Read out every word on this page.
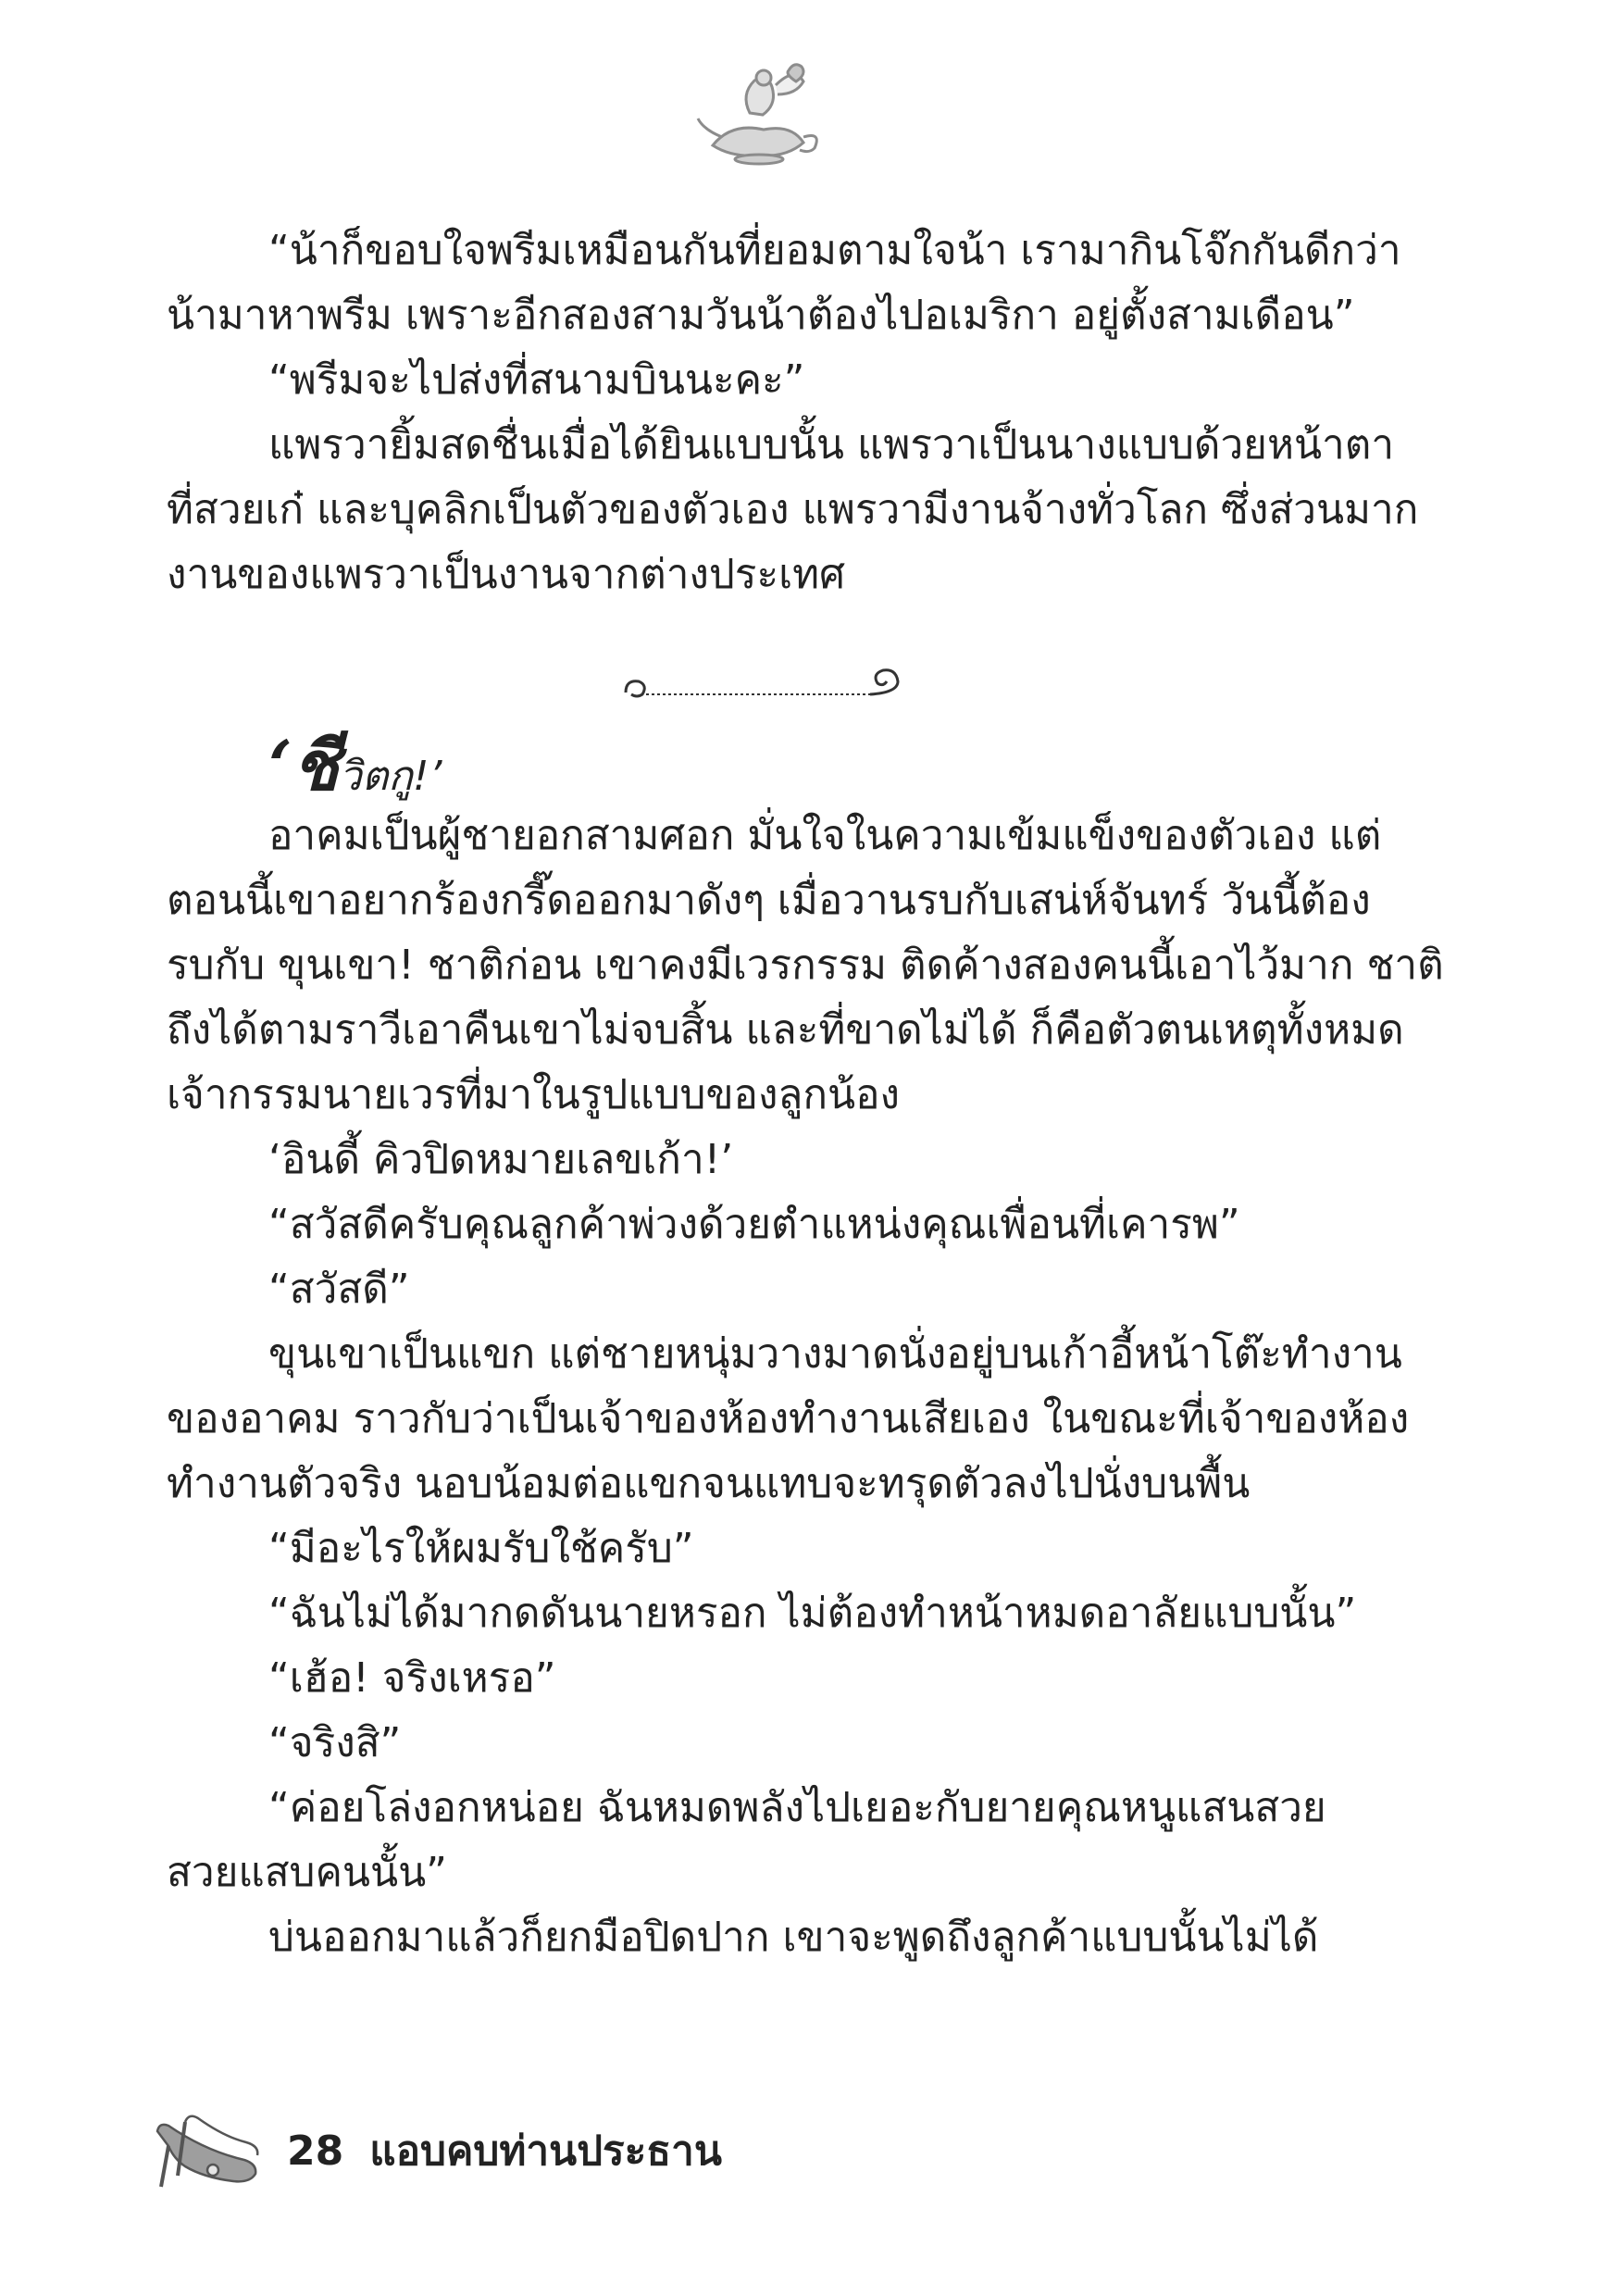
“น้าก็ขอบใจพรีมเหมือนกันที่ยอมตามใจน้า เรามากินโจ๊กกันดีกว่า

น้ามาหาพรีม เพราะอีกสองสามวันน้าต้องไปอเมริกา อยู่ตั้งสามเดือน”

“พรีมจะไปส่งที่สนามบินนะคะ”

แพรวายิ้มสดชื่นเมื่อได้ยินแบบนั้น แพรวาเป็นนางแบบด้วยหน้าตา

ที่สวยเก๋ และบุคลิกเป็นตัวของตัวเอง แพรวามีงานจ้างทั่วโลก ซึ่งส่วนมาก

งานของแพรวาเป็นงานจากต่างประเทศ

‘ชีวิตกู!’

อาคมเป็นผู้ชายอกสามศอก มั่นใจในความเข้มแข็งของตัวเอง แต่

ตอนนี้เขาอยากร้องกรี๊ดออกมาดังๆ เมื่อวานรบกับเสน่ห์จันทร์ วันนี้ต้อง

รบกับ ขุนเขา! ชาติก่อน เขาคงมีเวรกรรม ติดค้างสองคนนี้เอาไว้มาก ชาติ

ถึงได้ตามราวีเอาคืนเขาไม่จบสิ้น และที่ขาดไม่ได้ ก็คือตัวตนเหตุทั้งหมด

เจ้ากรรมนายเวรที่มาในรูปแบบของลูกน้อง

‘อินดี้ คิวปิดหมายเลขเก้า!’

“สวัสดีครับคุณลูกค้าพ่วงด้วยตำแหน่งคุณเพื่อนที่เคารพ”

“สวัสดี”

ขุนเขาเป็นแขก แต่ชายหนุ่มวางมาดนั่งอยู่บนเก้าอี้หน้าโต๊ะทำงาน

ของอาคม ราวกับว่าเป็นเจ้าของห้องทำงานเสียเอง ในขณะที่เจ้าของห้อง

ทำงานตัวจริง นอบน้อมต่อแขกจนแทบจะทรุดตัวลงไปนั่งบนพื้น

“มีอะไรให้ผมรับใช้ครับ”

“ฉันไม่ได้มากดดันนายหรอก ไม่ต้องทำหน้าหมดอาลัยแบบนั้น”

“เฮ้อ! จริงเหรอ”

“จริงสิ”

“ค่อยโล่งอกหน่อย ฉันหมดพลังไปเยอะกับยายคุณหนูแสนสวย

สวยแสบคนนั้น”

บ่นออกมาแล้วก็ยกมือปิดปาก เขาจะพูดถึงลูกค้าแบบนั้นไม่ได้

28 แอบคบท่านประธาน
